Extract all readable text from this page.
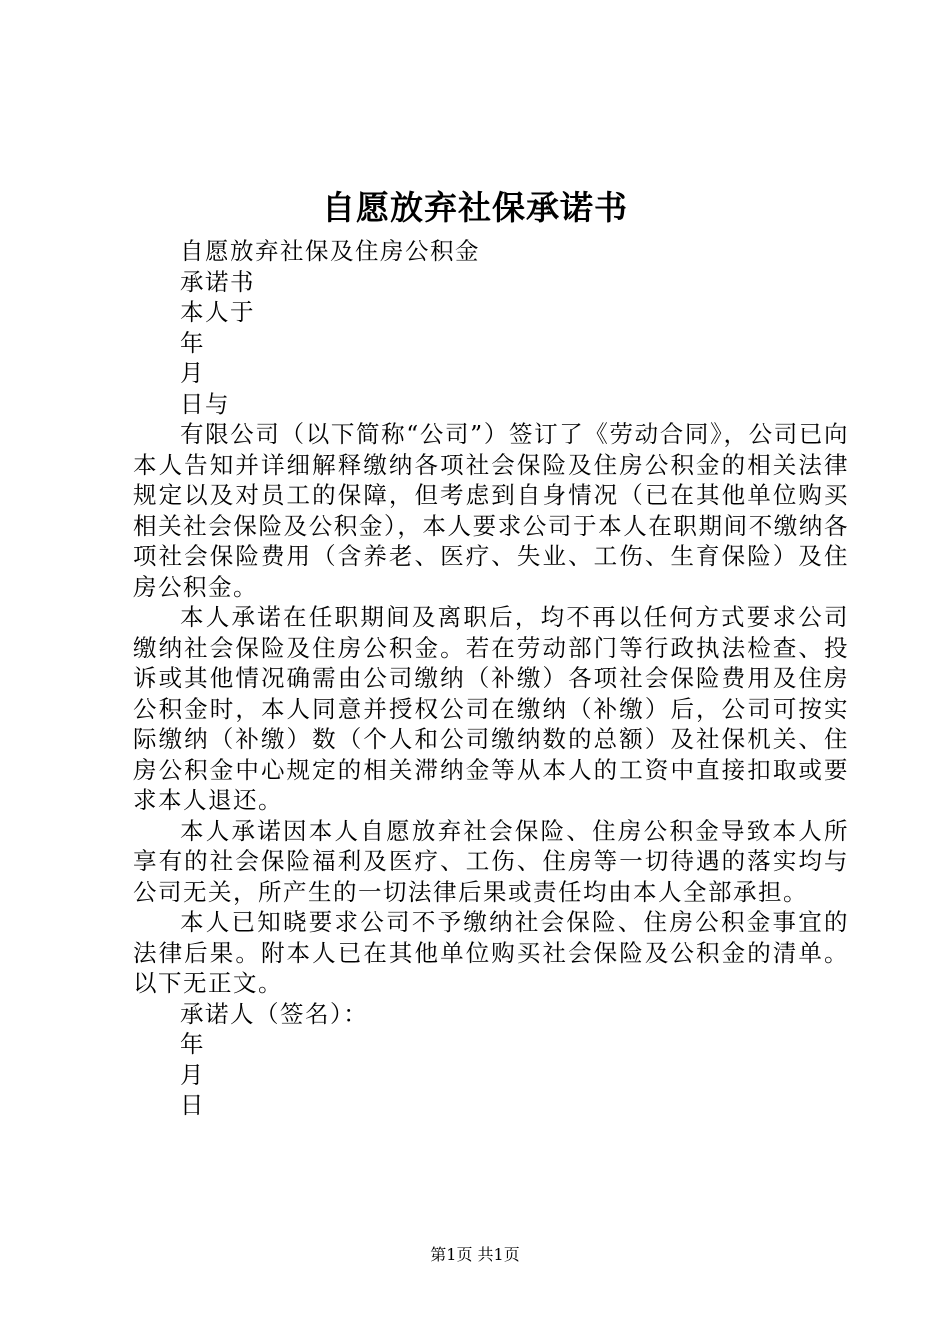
自愿放弃社保承诺书

自愿放弃社保及住房公积金

承诺书

本人于

年

月

日与

有限公司（以下简称“公司”）签订了《劳动合同》，公司已向本人告知并详细解释缴纳各项社会保险及住房公积金的相关法律规定以及对员工的保障，但考虑到自身情况（已在其他单位购买相关社会保险及公积金），本人要求公司于本人在职期间不缴纳各项社会保险费用（含养老、医疗、失业、工伤、生育保险）及住房公积金。

本人承诺在任职期间及离职后，均不再以任何方式要求公司缴纳社会保险及住房公积金。若在劳动部门等行政执法检查、投诉或其他情况确需由公司缴纳（补缴）各项社会保险费用及住房公积金时，本人同意并授权公司在缴纳（补缴）后，公司可按实际缴纳（补缴）数（个人和公司缴纳数的总额）及社保机关、住房公积金中心规定的相关滞纳金等从本人的工资中直接扣取或要求本人退还。

本人承诺因本人自愿放弃社会保险、住房公积金导致本人所享有的社会保险福利及医疗、工伤、住房等一切待遇的落实均与公司无关，所产生的一切法律后果或责任均由本人全部承担。

本人已知晓要求公司不予缴纳社会保险、住房公积金事宜的法律后果。附本人已在其他单位购买社会保险及公积金的清单。以下无正文。

承诺人（签名）：

年

月

日

第1页 共1页
